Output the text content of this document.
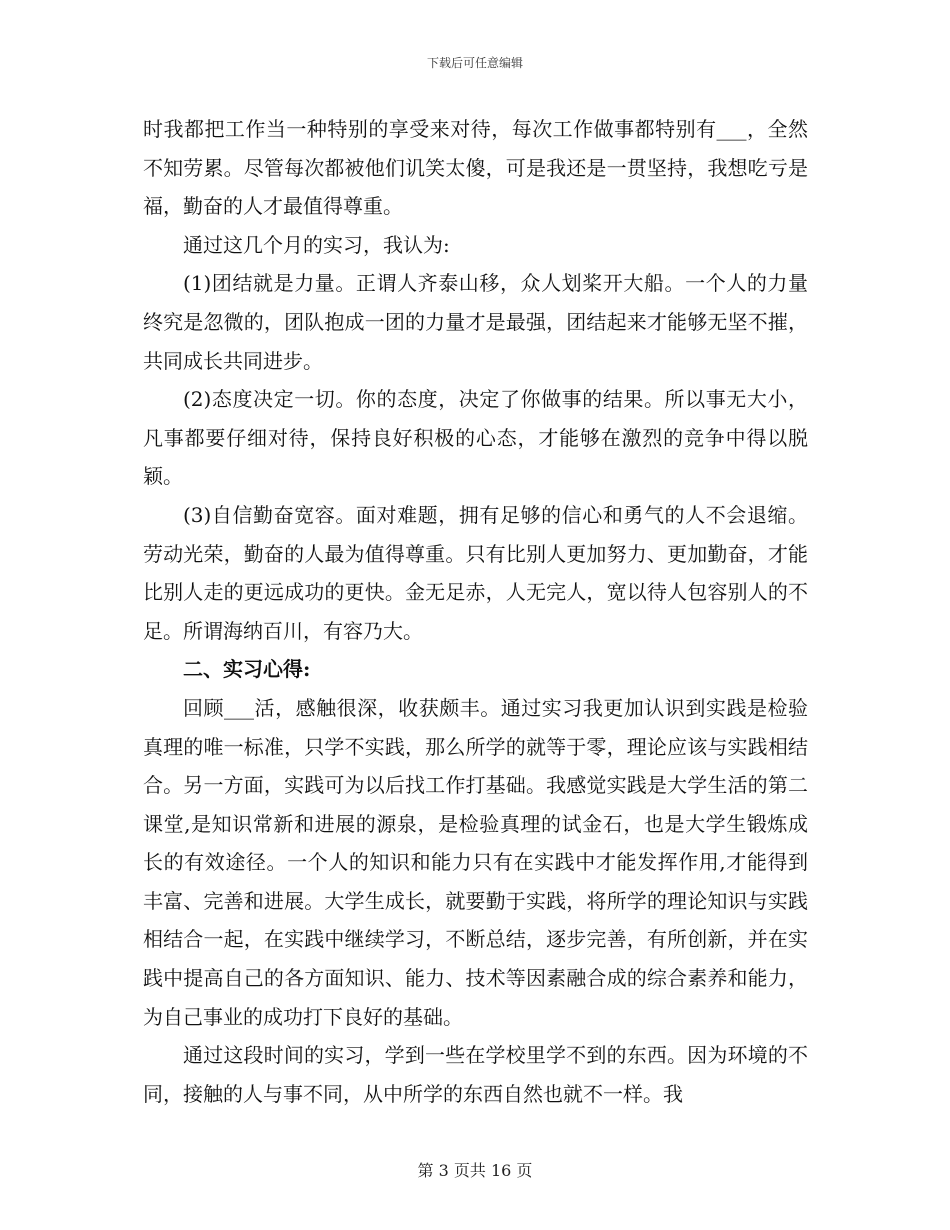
下载后可任意编辑

时我都把工作当一种特别的享受来对待，每次工作做事都特别有___，全然不知劳累。尽管每次都被他们讥笑太傻，可是我还是一贯坚持，我想吃亏是福，勤奋的人才最值得尊重。

通过这几个月的实习，我认为:

(1)团结就是力量。正谓人齐泰山移，众人划桨开大船。一个人的力量终究是忽微的，团队抱成一团的力量才是最强，团结起来才能够无坚不摧，共同成长共同进步。

(2)态度决定一切。你的态度，决定了你做事的结果。所以事无大小，凡事都要仔细对待，保持良好积极的心态，才能够在激烈的竞争中得以脱颖。

(3)自信勤奋宽容。面对难题，拥有足够的信心和勇气的人不会退缩。劳动光荣，勤奋的人最为值得尊重。只有比别人更加努力、更加勤奋，才能比别人走的更远成功的更快。金无足赤，人无完人，宽以待人包容别人的不足。所谓海纳百川，有容乃大。

二、实习心得:

回顾___活，感触很深，收获颇丰。通过实习我更加认识到实践是检验真理的唯一标准，只学不实践，那么所学的就等于零，理论应该与实践相结合。另一方面，实践可为以后找工作打基础。我感觉实践是大学生活的第二课堂,是知识常新和进展的源泉，是检验真理的试金石，也是大学生锻炼成长的有效途径。一个人的知识和能力只有在实践中才能发挥作用,才能得到丰富、完善和进展。大学生成长，就要勤于实践，将所学的理论知识与实践相结合一起，在实践中继续学习，不断总结，逐步完善，有所创新，并在实践中提高自己的各方面知识、能力、技术等因素融合成的综合素养和能力，为自己事业的成功打下良好的基础。

通过这段时间的实习，学到一些在学校里学不到的东西。因为环境的不同，接触的人与事不同，从中所学的东西自然也就不一样。我

第 3 页共 16 页
